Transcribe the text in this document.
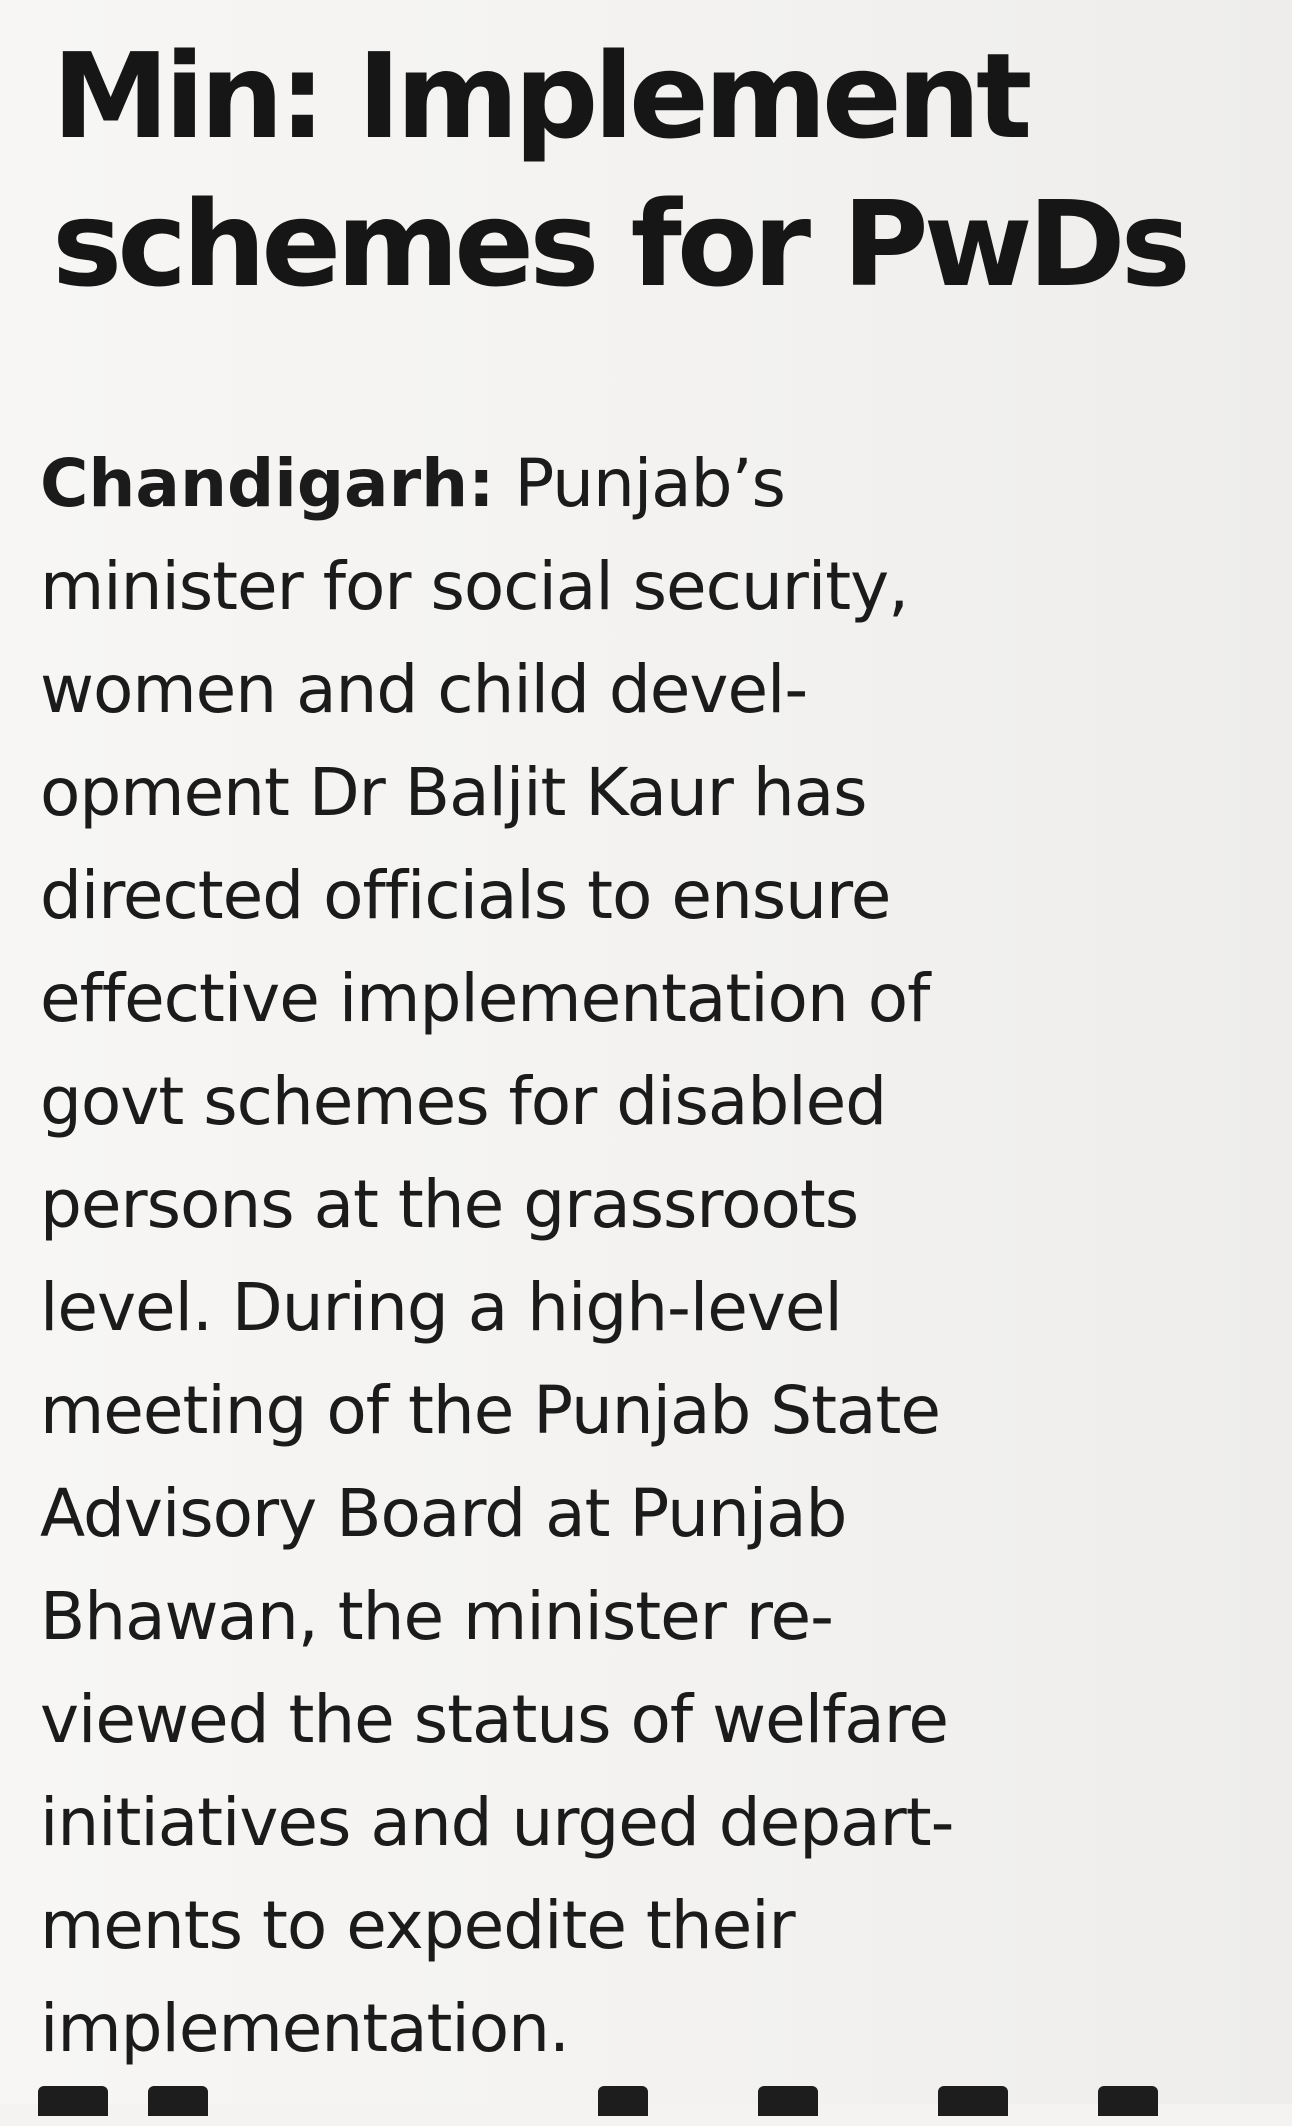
Min: Implement
schemes for PwDs
Chandigarh: Punjab’s
minister for social security,
women and child devel-
opment Dr Baljit Kaur has
directed officials to ensure
effective implementation of
govt schemes for disabled
persons at the grassroots
level. During a high-level
meeting of the Punjab State
Advisory Board at Punjab
Bhawan, the minister re-
viewed the status of welfare
initiatives and urged depart-
ments to expedite their
implementation.
